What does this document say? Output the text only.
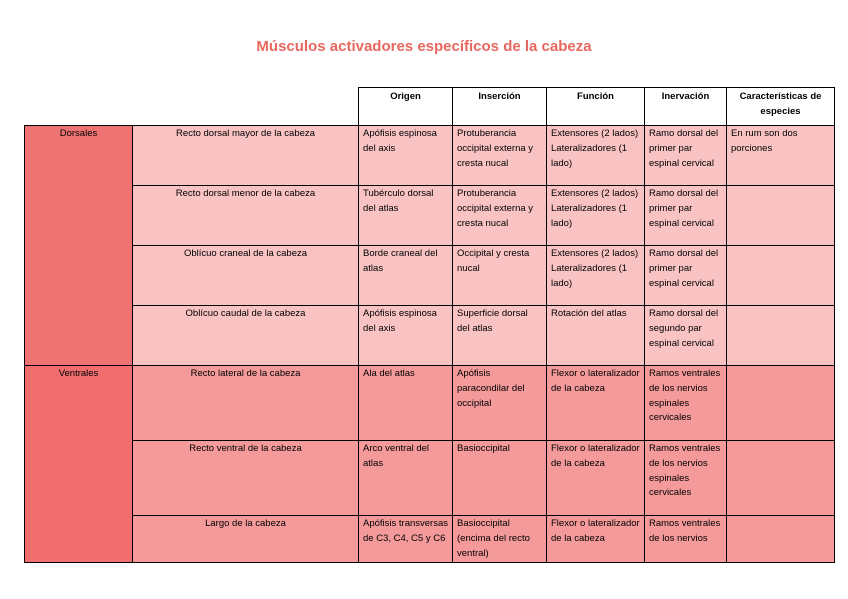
Músculos activadores específicos de la cabeza
		Origen	Inserción	Función	Inervación	Características de especies
Dorsales	Recto dorsal mayor de la cabeza	Apófisis espinosa del axis	Protuberancia occipital externa y cresta nucal	Extensores (2 lados) Lateralizadores (1 lado)	Ramo dorsal del primer par espinal cervical	En rum son dos porciones
	Recto dorsal menor de la cabeza	Tubérculo dorsal del atlas	Protuberancia occipital externa y cresta nucal	Extensores (2 lados) Lateralizadores (1 lado)	Ramo dorsal del primer par espinal cervical	
	Oblícuo craneal de la cabeza	Borde craneal del atlas	Occipital y cresta nucal	Extensores (2 lados) Lateralizadores (1 lado)	Ramo dorsal del primer par espinal cervical	
	Oblícuo caudal de la cabeza	Apófisis espinosa del axis	Superficie dorsal del atlas	Rotación del atlas	Ramo dorsal del segundo par espinal cervical	
Ventrales	Recto lateral de la cabeza	Ala del atlas	Apófisis paracondilar del occipital	Flexor o lateralizador de la cabeza	Ramos ventrales de los nervios espinales cervicales	
	Recto ventral de la cabeza	Arco ventral del atlas	Basioccipital	Flexor o lateralizador de la cabeza	Ramos ventrales de los nervios espinales cervicales	
	Largo de la cabeza	Apófisis transversas de C3, C4, C5 y C6	Basioccipital (encima del recto ventral)	Flexor o lateralizador de la cabeza	Ramos ventrales de los nervios	
